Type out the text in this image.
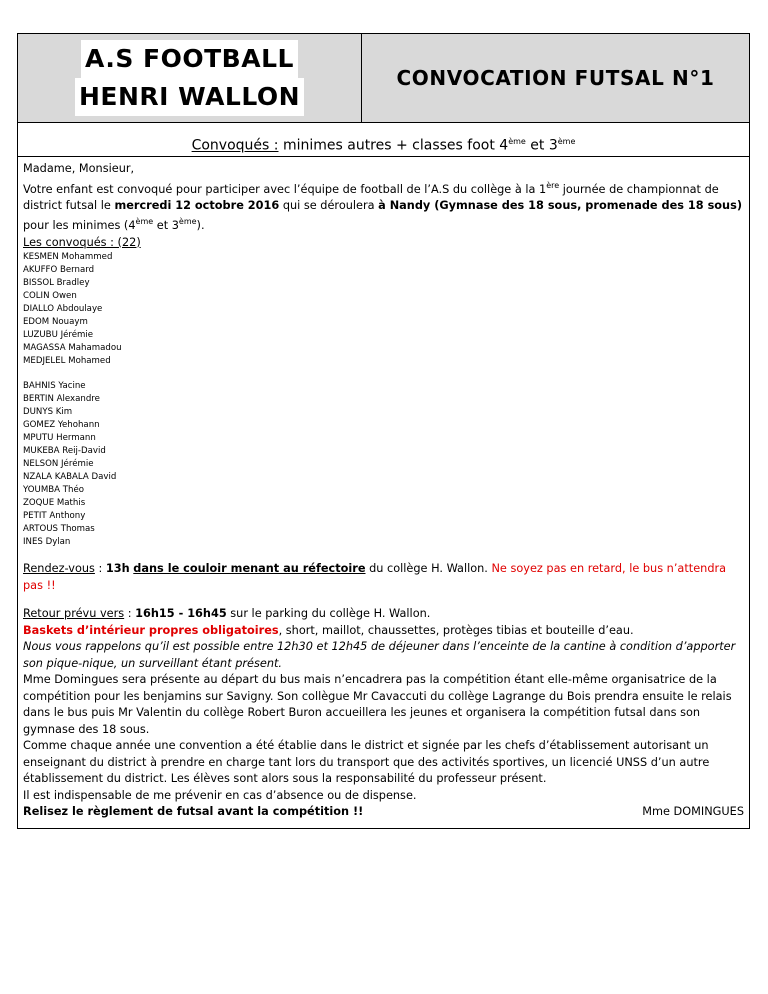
A.S FOOTBALL
HENRI WALLON
CONVOCATION FUTSAL N°1
Convoqués : minimes autres + classes foot 4ème et 3ème

Madame, Monsieur,

Votre enfant est convoqué pour participer avec l’équipe de football de l’A.S du collège à la 1ère journée de championnat de district futsal le mercredi 12 octobre 2016 qui se déroulera à Nandy (Gymnase des 18 sous, promenade des 18 sous) pour les minimes (4ème et 3ème).

Les convoqués : (22)

KESMEN Mohammed
AKUFFO Bernard
BISSOL Bradley
COLIN Owen
DIALLO Abdoulaye
EDOM Nouaym
LUZUBU Jérémie
MAGASSA Mahamadou
MEDJELEL Mohamed
BAHNIS Yacine
BERTIN Alexandre
DUNYS Kim
GOMEZ Yehohann
MPUTU Hermann
MUKEBA Reij-David
NELSON Jérémie
NZALA KABALA David
YOUMBA Théo
ZOQUE Mathis
PETIT Anthony
ARTOUS Thomas
INES Dylan

Rendez-vous : 13h dans le couloir menant au réfectoire du collège H. Wallon. Ne soyez pas en retard, le bus n’attendra pas !!

Retour prévu vers : 16h15 - 16h45 sur le parking du collège H. Wallon.

Baskets d’intérieur propres obligatoires, short, maillot, chaussettes, protèges tibias et bouteille d’eau.

Nous vous rappelons qu’il est possible entre 12h30 et 12h45 de déjeuner dans l’enceinte de la cantine à condition d’apporter son pique-nique, un surveillant étant présent.

Mme Domingues sera présente au départ du bus mais n’encadrera pas la compétition étant elle-même organisatrice de la compétition pour les benjamins sur Savigny. Son collègue Mr Cavaccuti du collège Lagrange du Bois prendra ensuite le relais dans le bus puis Mr Valentin du collège Robert Buron accueillera les jeunes et organisera la compétition futsal dans son gymnase des 18 sous.

Comme chaque année une convention a été établie dans le district et signée par les chefs d’établissement autorisant un enseignant du district à prendre en charge tant lors du transport que des activités sportives, un licencié UNSS d’un autre établissement du district. Les élèves sont alors sous la responsabilité du professeur présent.

Il est indispensable de me prévenir en cas d’absence ou de dispense.

Relisez le règlement de futsal avant la compétition !!	Mme DOMINGUES
